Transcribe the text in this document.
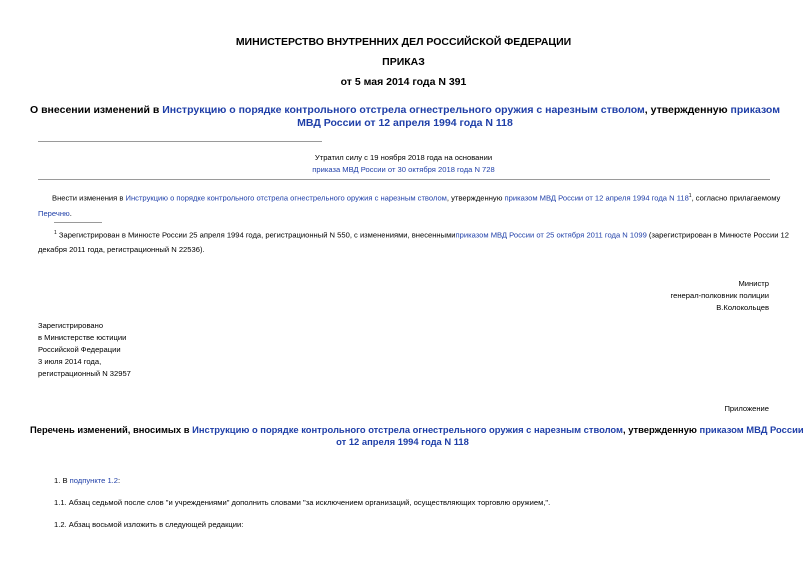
МИНИСТЕРСТВО ВНУТРЕННИХ ДЕЛ РОССИЙСКОЙ ФЕДЕРАЦИИ
ПРИКАЗ
от 5 мая 2014 года N 391
О внесении изменений в Инструкцию о порядке контрольного отстрела огнестрельного оружия с нарезным стволом, утвержденную приказом МВД России от 12 апреля 1994 года N 118
Утратил силу с 19 ноября 2018 года на основании
приказа МВД России от 30 октября 2018 года N 728
Внести изменения в Инструкцию о порядке контрольного отстрела огнестрельного оружия с нарезным стволом, утвержденную приказом МВД России от 12 апреля 1994 года N $118^1$, согласно прилагаемому
Перечню.
$^1$ Зарегистрирован в Минюсте России 25 апреля 1994 года, регистрационный N 550, с изменениями, внесеннымиприказом МВД России от 25 октября 2011 года N 1099 (зарегистрирован в Минюсте России 12
декабря 2011 года, регистрационный N 22536).
Министр
генерал-полковник полиции
В.Колокольцев
Зарегистрировано
в Министерстве юстиции
Российской Федерации
3 июля 2014 года,
регистрационный N 32957
Приложение
Перечень изменений, вносимых в Инструкцию о порядке контрольного отстрела огнестрельного оружия с нарезным стволом, утвержденную приказом МВД России
от 12 апреля 1994 года N 118
1. В подпункте 1.2:
1.1. Абзац седьмой после слов "и учреждениями" дополнить словами "за исключением организаций, осуществляющих торговлю оружием,".
1.2. Абзац восьмой изложить в следующей редакции:
